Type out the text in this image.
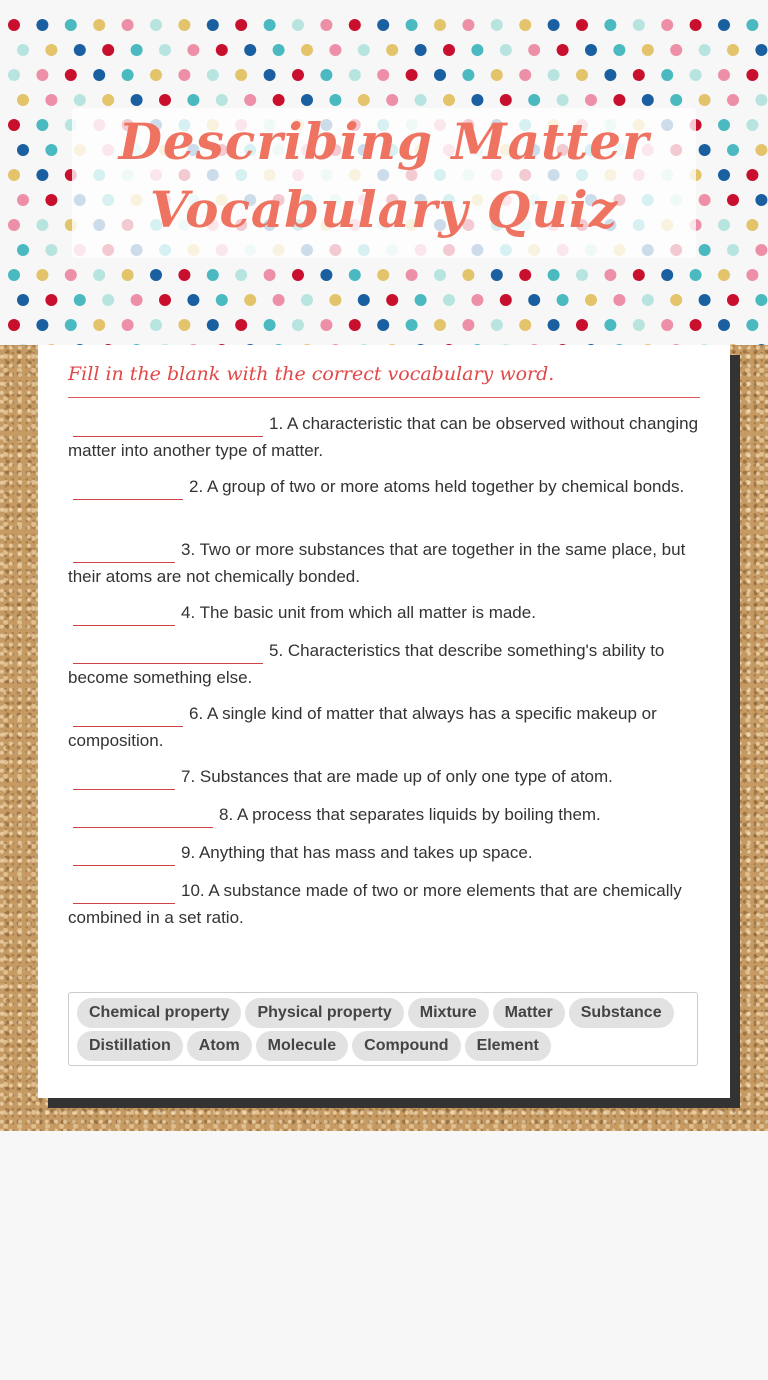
Describing Matter
Vocabulary Quiz

Fill in the blank with the correct vocabulary word.

1. A characteristic that can be observed without changing matter into another type of matter.

2. A group of two or more atoms held together by chemical bonds.

3. Two or more substances that are together in the same place, but their atoms are not chemically bonded.

4. The basic unit from which all matter is made.

5. Characteristics that describe something's ability to become something else.

6. A single kind of matter that always has a specific makeup or composition.

7. Substances that are made up of only one type of atom.

8. A process that separates liquids by boiling them.

9. Anything that has mass and takes up space.

10. A substance made of two or more elements that are chemically combined in a set ratio.

Chemical property Physical property Mixture Matter SubstanceDistillation Atom Molecule Compound Element
